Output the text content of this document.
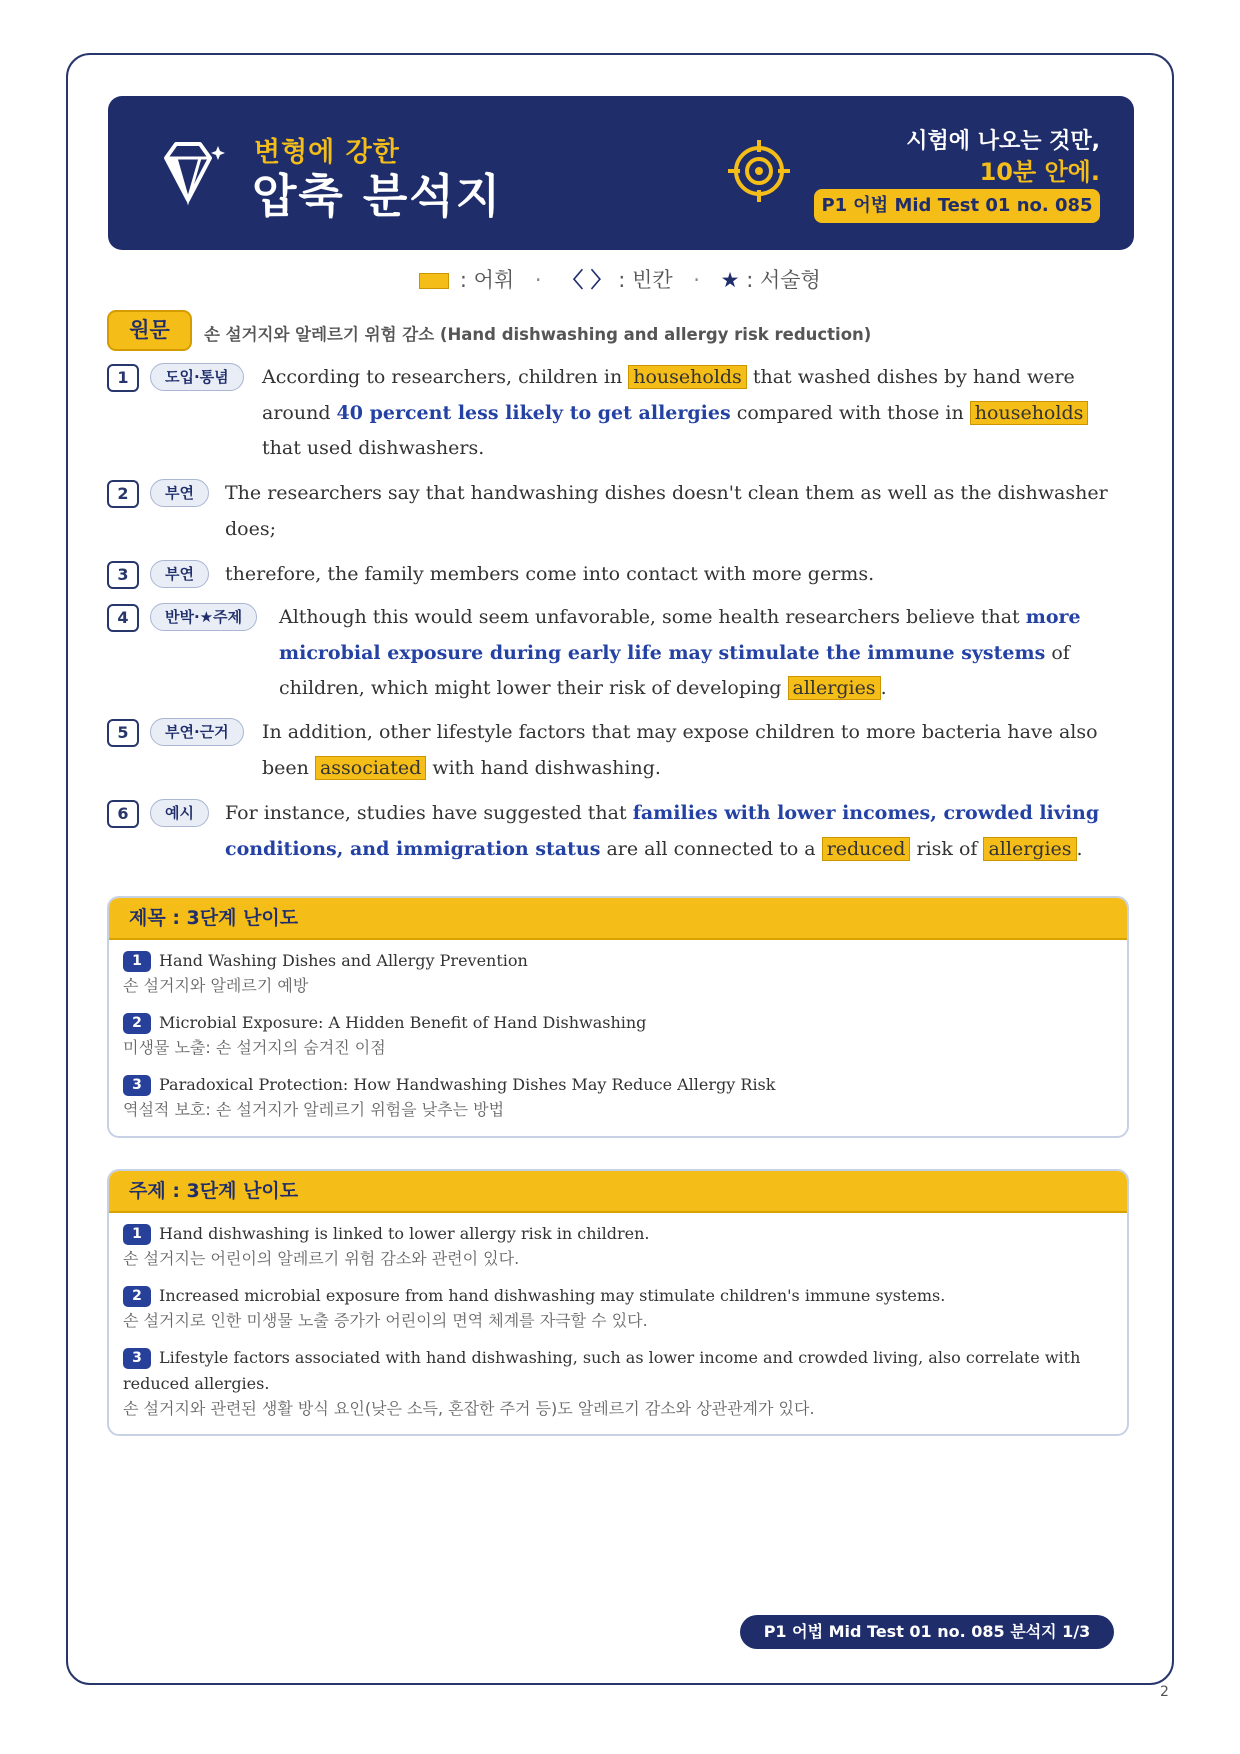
변형에 강한
압축 분석지
시험에 나오는 것만,
10분 안에.
P1 어법 Mid Test 01 no. 085
: 어휘 · 〈 〉 : 빈칸 · ★ : 서술형
원문	손 설거지와 알레르기 위험 감소 (Hand dishwashing and allergy risk reduction)
1	도입·통념	According to researchers, children in households that washed dishes by hand were around 40 percent less likely to get allergies compared with those in households that used dishwashers.
2	부연	The researchers say that handwashing dishes doesn't clean them as well as the dishwasher does;
3	부연	therefore, the family members come into contact with more germs.
4	반박·★주제	Although this would seem unfavorable, some health researchers believe that more microbial exposure during early life may stimulate the immune systems of children, which might lower their risk of developing allergies .
5	부연·근거	In addition, other lifestyle factors that may expose children to more bacteria have also been associated with hand dishwashing.
6	예시	For instance, studies have suggested that families with lower incomes, crowded living conditions, and immigration status are all connected to a reduced risk of allergies .
제목 : 3단계 난이도
1 Hand Washing Dishes and Allergy Prevention
손 설거지와 알레르기 예방
2 Microbial Exposure: A Hidden Benefit of Hand Dishwashing
미생물 노출: 손 설거지의 숨겨진 이점
3 Paradoxical Protection: How Handwashing Dishes May Reduce Allergy Risk
역설적 보호: 손 설거지가 알레르기 위험을 낮추는 방법
주제 : 3단계 난이도
1 Hand dishwashing is linked to lower allergy risk in children.
손 설거지는 어린이의 알레르기 위험 감소와 관련이 있다.
2 Increased microbial exposure from hand dishwashing may stimulate children's immune systems.
손 설거지로 인한 미생물 노출 증가가 어린이의 면역 체계를 자극할 수 있다.
3 Lifestyle factors associated with hand dishwashing, such as lower income and crowded living, also correlate with reduced allergies.
손 설거지와 관련된 생활 방식 요인(낮은 소득, 혼잡한 주거 등)도 알레르기 감소와 상관관계가 있다.
P1 어법 Mid Test 01 no. 085 분석지 1/3
2
